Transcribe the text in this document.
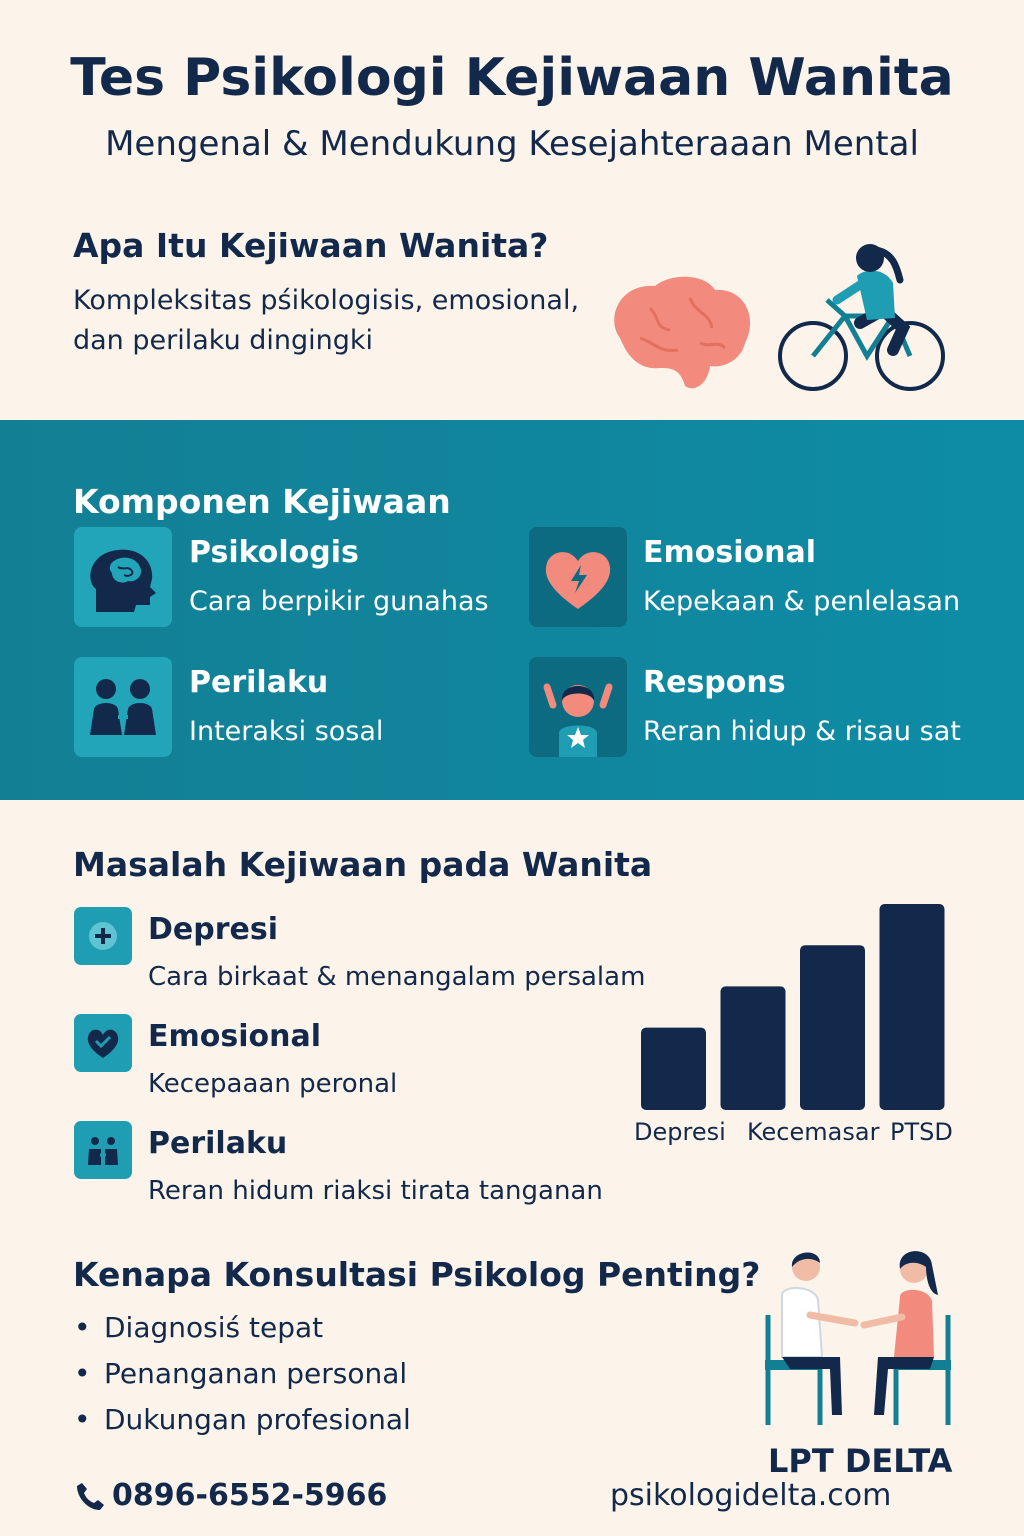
Tes Psikologi Kejiwaan Wanita
Mengenal & Mendukung Kesejahteraaan Mental
Apa Itu Kejiwaan Wanita?
Kompleksitas pśikologisis, emosional,
dan perilaku dingingki
Komponen Kejiwaan
Psikologis
Cara berpikir gunahas
Emosional
Kepekaan & penlelasan
Perilaku
Interaksi sosal
Respons
Reran hidup & risau sat
Masalah Kejiwaan pada Wanita
Depresi
Cara birkaat & menangalam persalam
Emosional
Kecepaaan peronal
Perilaku
Reran hidum riaksi tirata tanganan
Depresi Kecemasar PTSD
Kenapa Konsultasi Psikolog Penting?
• Diagnosiś tepat
• Penanganan personal
• Dukungan profesional
0896-6552-5966
LPT DELTA
psikologidelta.com
